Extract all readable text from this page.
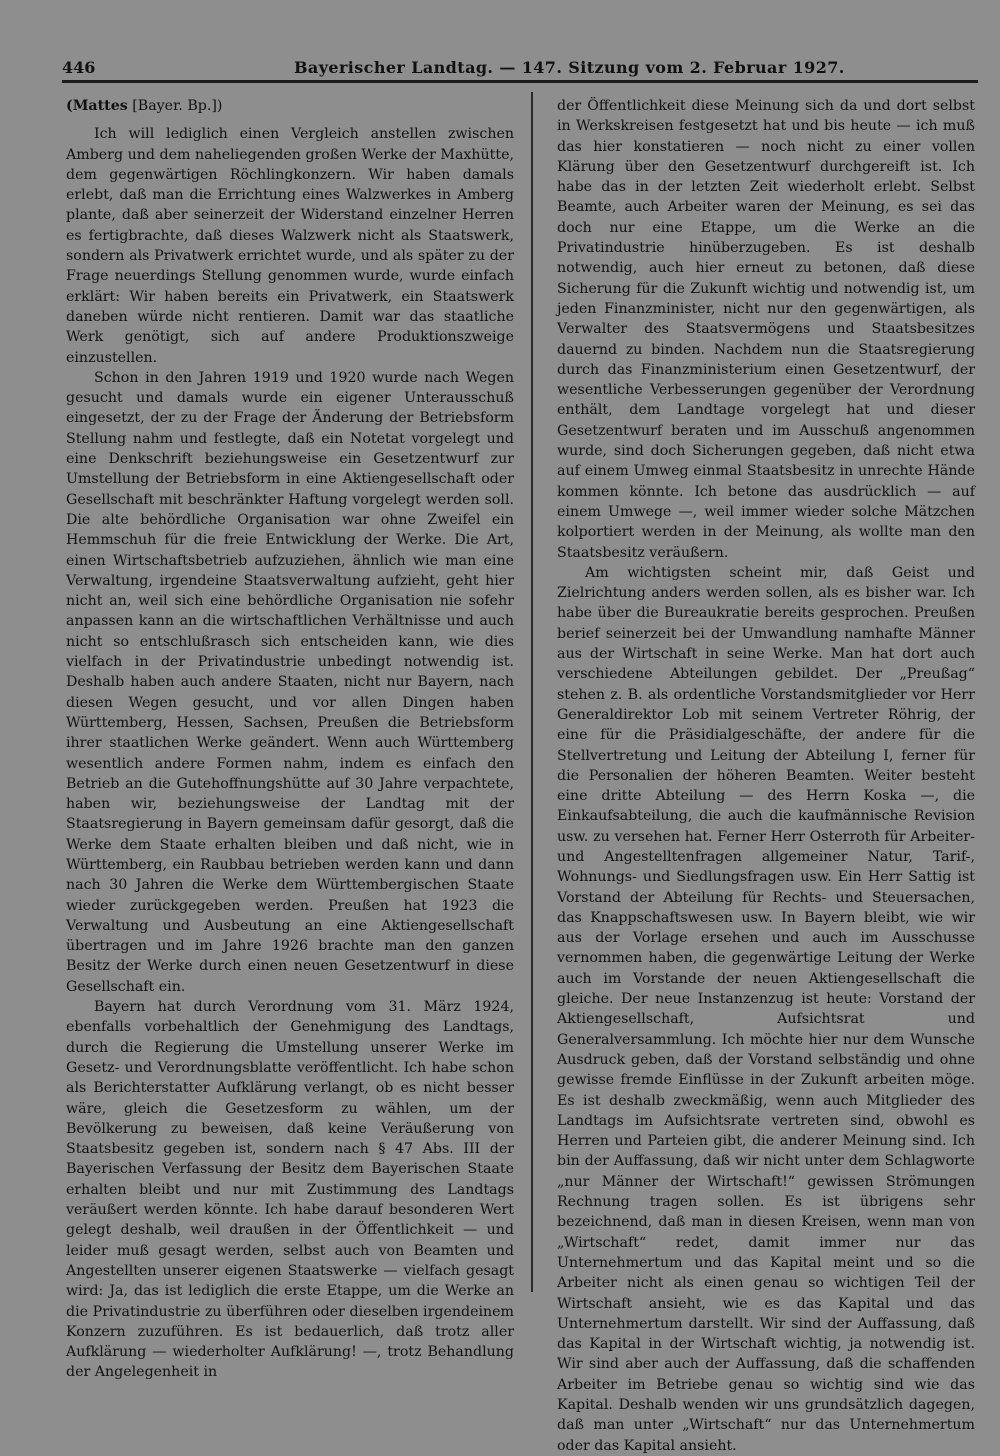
446	Bayerischer Landtag. — 147. Sitzung vom 2. Februar 1927.
(Mattes [Bayer. Bp.])

Ich will lediglich einen Vergleich anstellen zwischen Amberg und dem naheliegenden großen Werke der Maxhütte, dem gegenwärtigen Röchlingkonzern. Wir haben damals erlebt, daß man die Errichtung eines Walzwerkes in Amberg plante, daß aber seinerzeit der Widerstand einzelner Herren es fertigbrachte, daß dieses Walzwerk nicht als Staatswerk, sondern als Privatwerk errichtet wurde, und als später zu der Frage neuerdings Stellung genommen wurde, wurde einfach erklärt: Wir haben bereits ein Privatwerk, ein Staatswerk daneben würde nicht rentieren. Damit war das staatliche Werk genötigt, sich auf andere Produktionszweige einzustellen.

Schon in den Jahren 1919 und 1920 wurde nach Wegen gesucht und damals wurde ein eigener Unterausschuß eingesetzt, der zu der Frage der Änderung der Betriebsform Stellung nahm und festlegte, daß ein Notetat vorgelegt und eine Denkschrift beziehungsweise ein Gesetzentwurf zur Umstellung der Betriebsform in eine Aktiengesellschaft oder Gesellschaft mit beschränkter Haftung vorgelegt werden soll. Die alte behördliche Organisation war ohne Zweifel ein Hemmschuh für die freie Entwicklung der Werke. Die Art, einen Wirtschaftsbetrieb aufzuziehen, ähnlich wie man eine Verwaltung, irgendeine Staatsverwaltung aufzieht, geht hier nicht an, weil sich eine behördliche Organisation nie sofehr anpassen kann an die wirtschaftlichen Verhältnisse und auch nicht so entschlußrasch sich entscheiden kann, wie dies vielfach in der Privatindustrie unbedingt notwendig ist. Deshalb haben auch andere Staaten, nicht nur Bayern, nach diesen Wegen gesucht, und vor allen Dingen haben Württemberg, Hessen, Sachsen, Preußen die Betriebsform ihrer staatlichen Werke geändert. Wenn auch Württemberg wesentlich andere Formen nahm, indem es einfach den Betrieb an die Gutehoffnungshütte auf 30 Jahre verpachtete, haben wir, beziehungsweise der Landtag mit der Staatsregierung in Bayern gemeinsam dafür gesorgt, daß die Werke dem Staate erhalten bleiben und daß nicht, wie in Württemberg, ein Raubbau betrieben werden kann und dann nach 30 Jahren die Werke dem Württembergischen Staate wieder zurückgegeben werden. Preußen hat 1923 die Verwaltung und Ausbeutung an eine Aktiengesellschaft übertragen und im Jahre 1926 brachte man den ganzen Besitz der Werke durch einen neuen Gesetzentwurf in diese Gesellschaft ein.

Bayern hat durch Verordnung vom 31. März 1924, ebenfalls vorbehaltlich der Genehmigung des Landtags, durch die Regierung die Umstellung unserer Werke im Gesetz- und Verordnungsblatte veröffentlicht. Ich habe schon als Berichterstatter Aufklärung verlangt, ob es nicht besser wäre, gleich die Gesetzesform zu wählen, um der Bevölkerung zu beweisen, daß keine Veräußerung von Staatsbesitz gegeben ist, sondern nach § 47 Abs. III der Bayerischen Verfassung der Besitz dem Bayerischen Staate erhalten bleibt und nur mit Zustimmung des Landtags veräußert werden könnte. Ich habe darauf besonderen Wert gelegt deshalb, weil draußen in der Öffentlichkeit — und leider muß gesagt werden, selbst auch von Beamten und Angestellten unserer eigenen Staatswerke — vielfach gesagt wird: Ja, das ist lediglich die erste Etappe, um die Werke an die Privatindustrie zu überführen oder dieselben irgendeinem Konzern zuzuführen. Es ist bedauerlich, daß trotz aller Aufklärung — wiederholter Aufklärung! —, trotz Behandlung der Angelegenheit in

der Öffentlichkeit diese Meinung sich da und dort selbst in Werkskreisen festgesetzt hat und bis heute — ich muß das hier konstatieren — noch nicht zu einer vollen Klärung über den Gesetzentwurf durchgereift ist. Ich habe das in der letzten Zeit wiederholt erlebt. Selbst Beamte, auch Arbeiter waren der Meinung, es sei das doch nur eine Etappe, um die Werke an die Privatindustrie hinüberzugeben. Es ist deshalb notwendig, auch hier erneut zu betonen, daß diese Sicherung für die Zukunft wichtig und notwendig ist, um jeden Finanzminister, nicht nur den gegenwärtigen, als Verwalter des Staatsvermögens und Staatsbesitzes dauernd zu binden. Nachdem nun die Staatsregierung durch das Finanzministerium einen Gesetzentwurf, der wesentliche Verbesserungen gegenüber der Verordnung enthält, dem Landtage vorgelegt hat und dieser Gesetzentwurf beraten und im Ausschuß angenommen wurde, sind doch Sicherungen gegeben, daß nicht etwa auf einem Umweg einmal Staatsbesitz in unrechte Hände kommen könnte. Ich betone das ausdrücklich — auf einem Umwege —, weil immer wieder solche Mätzchen kolportiert werden in der Meinung, als wollte man den Staatsbesitz veräußern.

Am wichtigsten scheint mir, daß Geist und Zielrichtung anders werden sollen, als es bisher war. Ich habe über die Bureaukratie bereits gesprochen. Preußen berief seinerzeit bei der Umwandlung namhafte Männer aus der Wirtschaft in seine Werke. Man hat dort auch verschiedene Abteilungen gebildet. Der „Preußag“ stehen z. B. als ordentliche Vorstandsmitglieder vor Herr Generaldirektor Lob mit seinem Vertreter Röhrig, der eine für die Präsidialgeschäfte, der andere für die Stellvertretung und Leitung der Abteilung I, ferner für die Personalien der höheren Beamten. Weiter besteht eine dritte Abteilung — des Herrn Koska —, die Einkaufsabteilung, die auch die kaufmännische Revision usw. zu versehen hat. Ferner Herr Osterroth für Arbeiter- und Angestelltenfragen allgemeiner Natur, Tarif-, Wohnungs- und Siedlungsfragen usw. Ein Herr Sattig ist Vorstand der Abteilung für Rechts- und Steuersachen, das Knappschaftswesen usw. In Bayern bleibt, wie wir aus der Vorlage ersehen und auch im Ausschusse vernommen haben, die gegenwärtige Leitung der Werke auch im Vorstande der neuen Aktiengesellschaft die gleiche. Der neue Instanzenzug ist heute: Vorstand der Aktiengesellschaft, Aufsichtsrat und Generalversammlung. Ich möchte hier nur dem Wunsche Ausdruck geben, daß der Vorstand selbständig und ohne gewisse fremde Einflüsse in der Zukunft arbeiten möge. Es ist deshalb zweckmäßig, wenn auch Mitglieder des Landtags im Aufsichtsrate vertreten sind, obwohl es Herren und Parteien gibt, die anderer Meinung sind. Ich bin der Auffassung, daß wir nicht unter dem Schlagworte „nur Männer der Wirtschaft!“ gewissen Strömungen Rechnung tragen sollen. Es ist übrigens sehr bezeichnend, daß man in diesen Kreisen, wenn man von „Wirtschaft“ redet, damit immer nur das Unternehmertum und das Kapital meint und so die Arbeiter nicht als einen genau so wichtigen Teil der Wirtschaft ansieht, wie es das Kapital und das Unternehmertum darstellt. Wir sind der Auffassung, daß das Kapital in der Wirtschaft wichtig, ja notwendig ist. Wir sind aber auch der Auffassung, daß die schaffenden Arbeiter im Betriebe genau so wichtig sind wie das Kapital. Deshalb wenden wir uns grundsätzlich dagegen, daß man unter „Wirtschaft“ nur das Unternehmertum oder das Kapital ansieht.
